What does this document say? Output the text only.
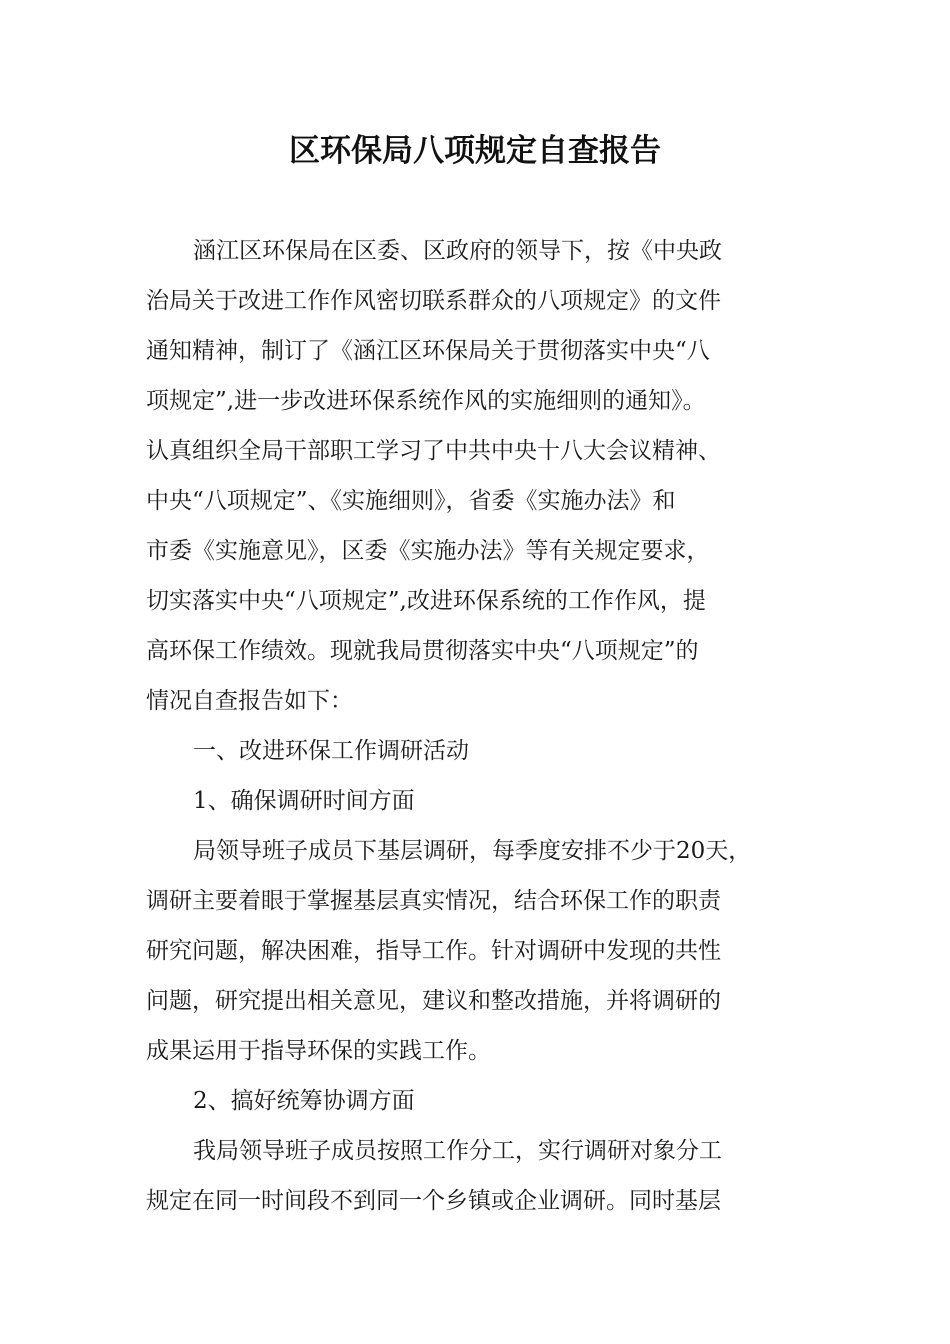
区环保局八项规定自查报告
涵江区环保局在区委、区政府的领导下，按《中央政
治局关于改进工作作风密切联系群众的八项规定》的文件
通知精神，制订了《涵江区环保局关于贯彻落实中央“八
项规定”,进一步改进环保系统作风的实施细则的通知》。
认真组织全局干部职工学习了中共中央十八大会议精神、
中央“八项规定”、《实施细则》，省委《实施办法》和
市委《实施意见》，区委《实施办法》等有关规定要求，
切实落实中央“八项规定”,改进环保系统的工作作风，提
高环保工作绩效。现就我局贯彻落实中央“八项规定”的
情况自查报告如下：
一、改进环保工作调研活动
1、确保调研时间方面
局领导班子成员下基层调研，每季度安排不少于20天，
调研主要着眼于掌握基层真实情况，结合环保工作的职责
研究问题，解决困难，指导工作。针对调研中发现的共性
问题，研究提出相关意见，建议和整改措施，并将调研的
成果运用于指导环保的实践工作。
2、搞好统筹协调方面
我局领导班子成员按照工作分工，实行调研对象分工
规定在同一时间段不到同一个乡镇或企业调研。同时基层
